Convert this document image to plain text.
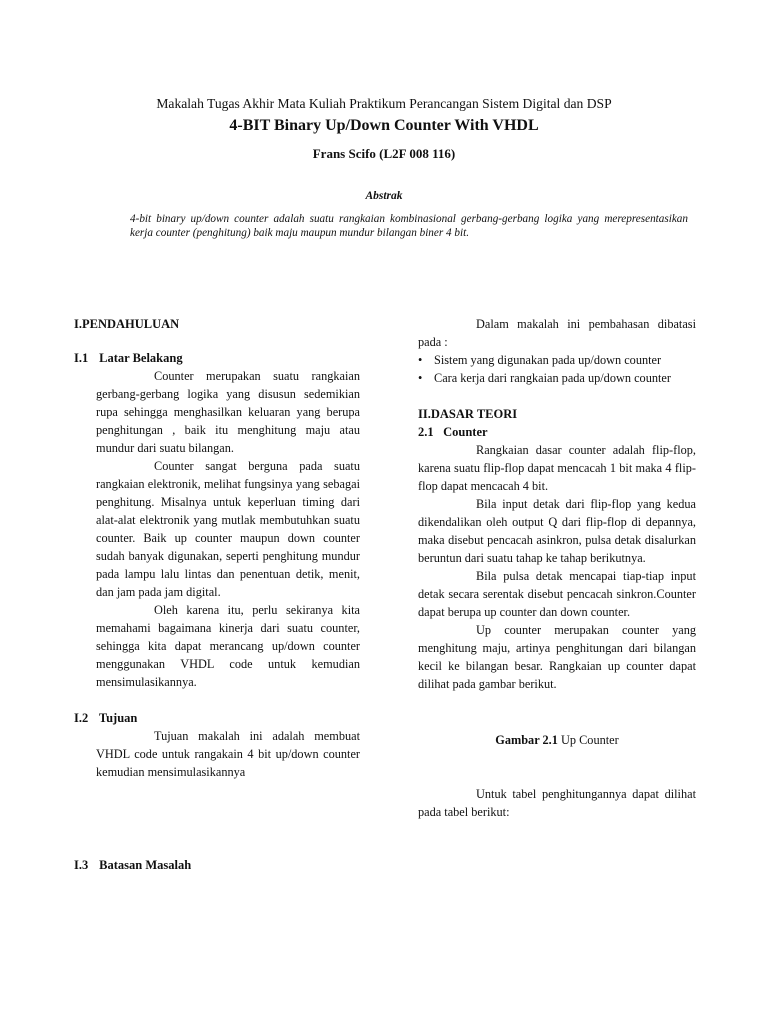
Makalah Tugas Akhir Mata Kuliah Praktikum Perancangan Sistem Digital dan DSP
4-BIT Binary Up/Down Counter With VHDL
Frans Scifo (L2F 008 116)
Abstrak
4-bit binary up/down counter adalah suatu rangkaian kombinasional gerbang-gerbang logika yang merepresentasikan kerja counter (penghitung) baik maju maupun mundur bilangan biner 4 bit.
I.PENDAHULUAN
I.1 Latar Belakang

Counter merupakan suatu rangkaian gerbang-gerbang logika yang disusun sedemikian rupa sehingga menghasilkan keluaran yang berupa penghitungan , baik itu menghitung maju atau mundur dari suatu bilangan.

Counter sangat berguna pada suatu rangkaian elektronik, melihat fungsinya yang sebagai penghitung. Misalnya untuk keperluan timing dari alat-alat elektronik yang mutlak membutuhkan suatu counter. Baik up counter maupun down counter sudah banyak digunakan, seperti penghitung mundur pada lampu lalu lintas dan penentuan detik, menit, dan jam pada jam digital.

Oleh karena itu, perlu sekiranya kita memahami bagaimana kinerja dari suatu counter, sehingga kita dapat merancang up/down counter menggunakan VHDL code untuk kemudian mensimulasikannya.

I.2 Tujuan

Tujuan makalah ini adalah membuat VHDL code untuk rangakain 4 bit up/down counter kemudian mensimulasikannya

I.3 Batasan Masalah

Dalam makalah ini pembahasan dibatasi pada :

• Sistem yang digunakan pada up/down counter
• Cara kerja dari rangkaian pada up/down counter
II.DASAR TEORI
2.1 Counter

Rangkaian dasar counter adalah flip-flop, karena suatu flip-flop dapat mencacah 1 bit maka 4 flip-flop dapat mencacah 4 bit.

Bila input detak dari flip-flop yang kedua dikendalikan oleh output Q dari flip-flop di depannya, maka disebut pencacah asinkron, pulsa detak disalurkan beruntun dari suatu tahap ke tahap berikutnya.

Bila pulsa detak mencapai tiap-tiap input detak secara serentak disebut pencacah sinkron.Counter dapat berupa up counter dan down counter.

Up counter merupakan counter yang menghitung maju, artinya penghitungan dari bilangan kecil ke bilangan besar. Rangkaian up counter dapat dilihat pada gambar berikut.

Gambar 2.1 Up Counter

Untuk tabel penghitungannya dapat dilihat pada tabel berikut:
